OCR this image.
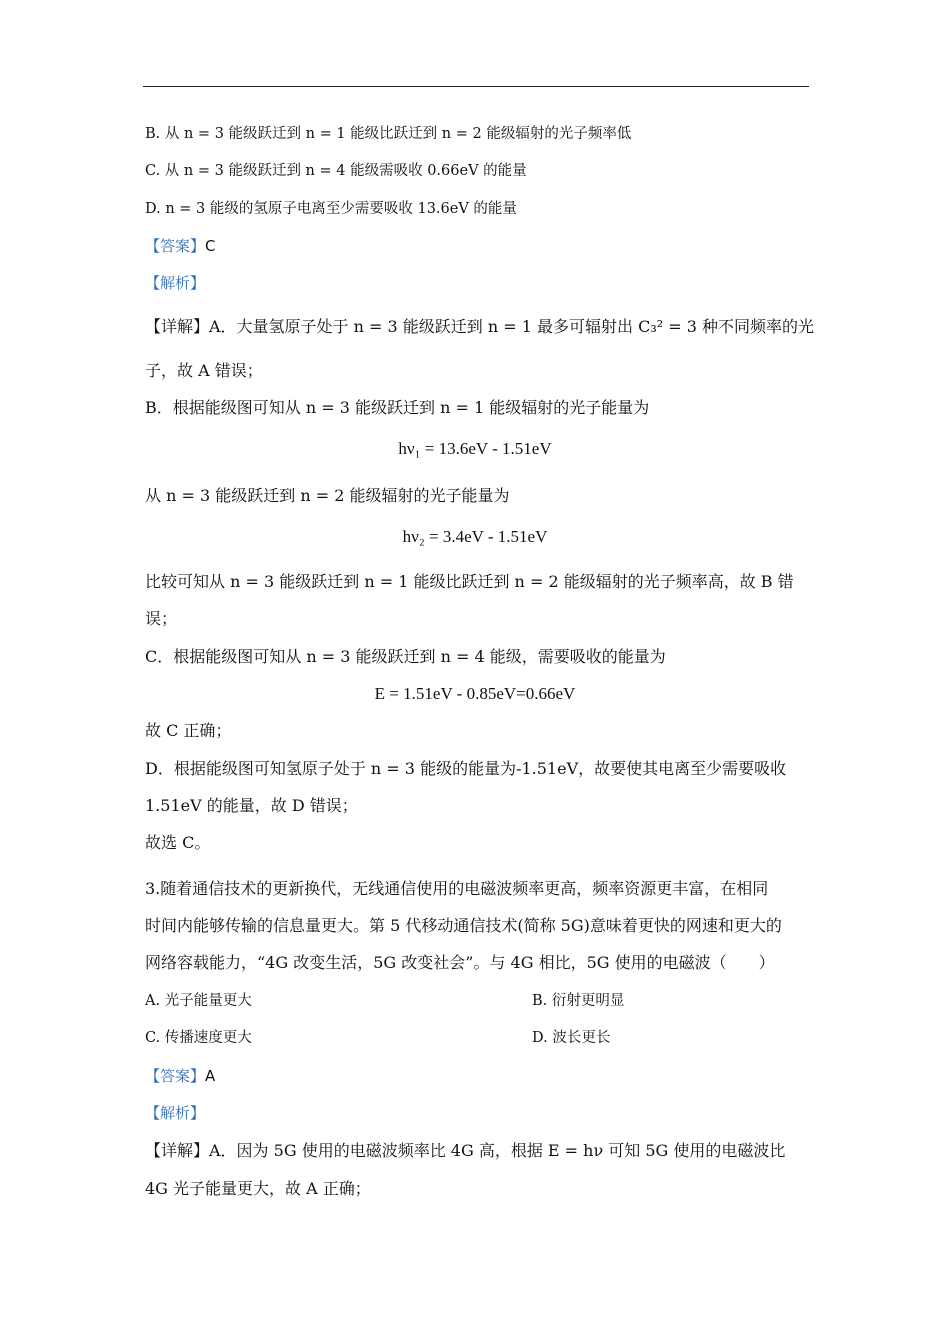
B. 从 n = 3 能级跃迁到 n = 1 能级比跃迁到 n = 2 能级辐射的光子频率低
C. 从 n = 3 能级跃迁到 n = 4 能级需吸收 0.66eV 的能量
D. n = 3 能级的氢原子电离至少需要吸收 13.6eV 的能量
【答案】C
【解析】
【详解】A．大量氢原子处于 n = 3 能级跃迁到 n = 1 最多可辐射出 C₃² = 3 种不同频率的光
子，故 A 错误；
B．根据能级图可知从 n = 3 能级跃迁到 n = 1 能级辐射的光子能量为
hν₁ = 13.6eV - 1.51eV
从 n = 3 能级跃迁到 n = 2 能级辐射的光子能量为
hν₂ = 3.4eV - 1.51eV
比较可知从 n = 3 能级跃迁到 n = 1 能级比跃迁到 n = 2 能级辐射的光子频率高，故 B 错
误；
C．根据能级图可知从 n = 3 能级跃迁到 n = 4 能级，需要吸收的能量为
E = 1.51eV - 0.85eV=0.66eV
故 C 正确；
D．根据能级图可知氢原子处于 n = 3 能级的能量为-1.51eV，故要使其电离至少需要吸收
1.51eV 的能量，故 D 错误；
故选 C。
3.随着通信技术的更新换代，无线通信使用的电磁波频率更高，频率资源更丰富，在相同
时间内能够传输的信息量更大。第 5 代移动通信技术(简称 5G)意味着更快的网速和更大的
网络容载能力，“4G 改变生活，5G 改变社会”。与 4G 相比，5G 使用的电磁波（　　）
A. 光子能量更大	B. 衍射更明显
C. 传播速度更大	D. 波长更长
【答案】A
【解析】
【详解】A．因为 5G 使用的电磁波频率比 4G 高，根据 E = hν 可知 5G 使用的电磁波比
4G 光子能量更大，故 A 正确；
